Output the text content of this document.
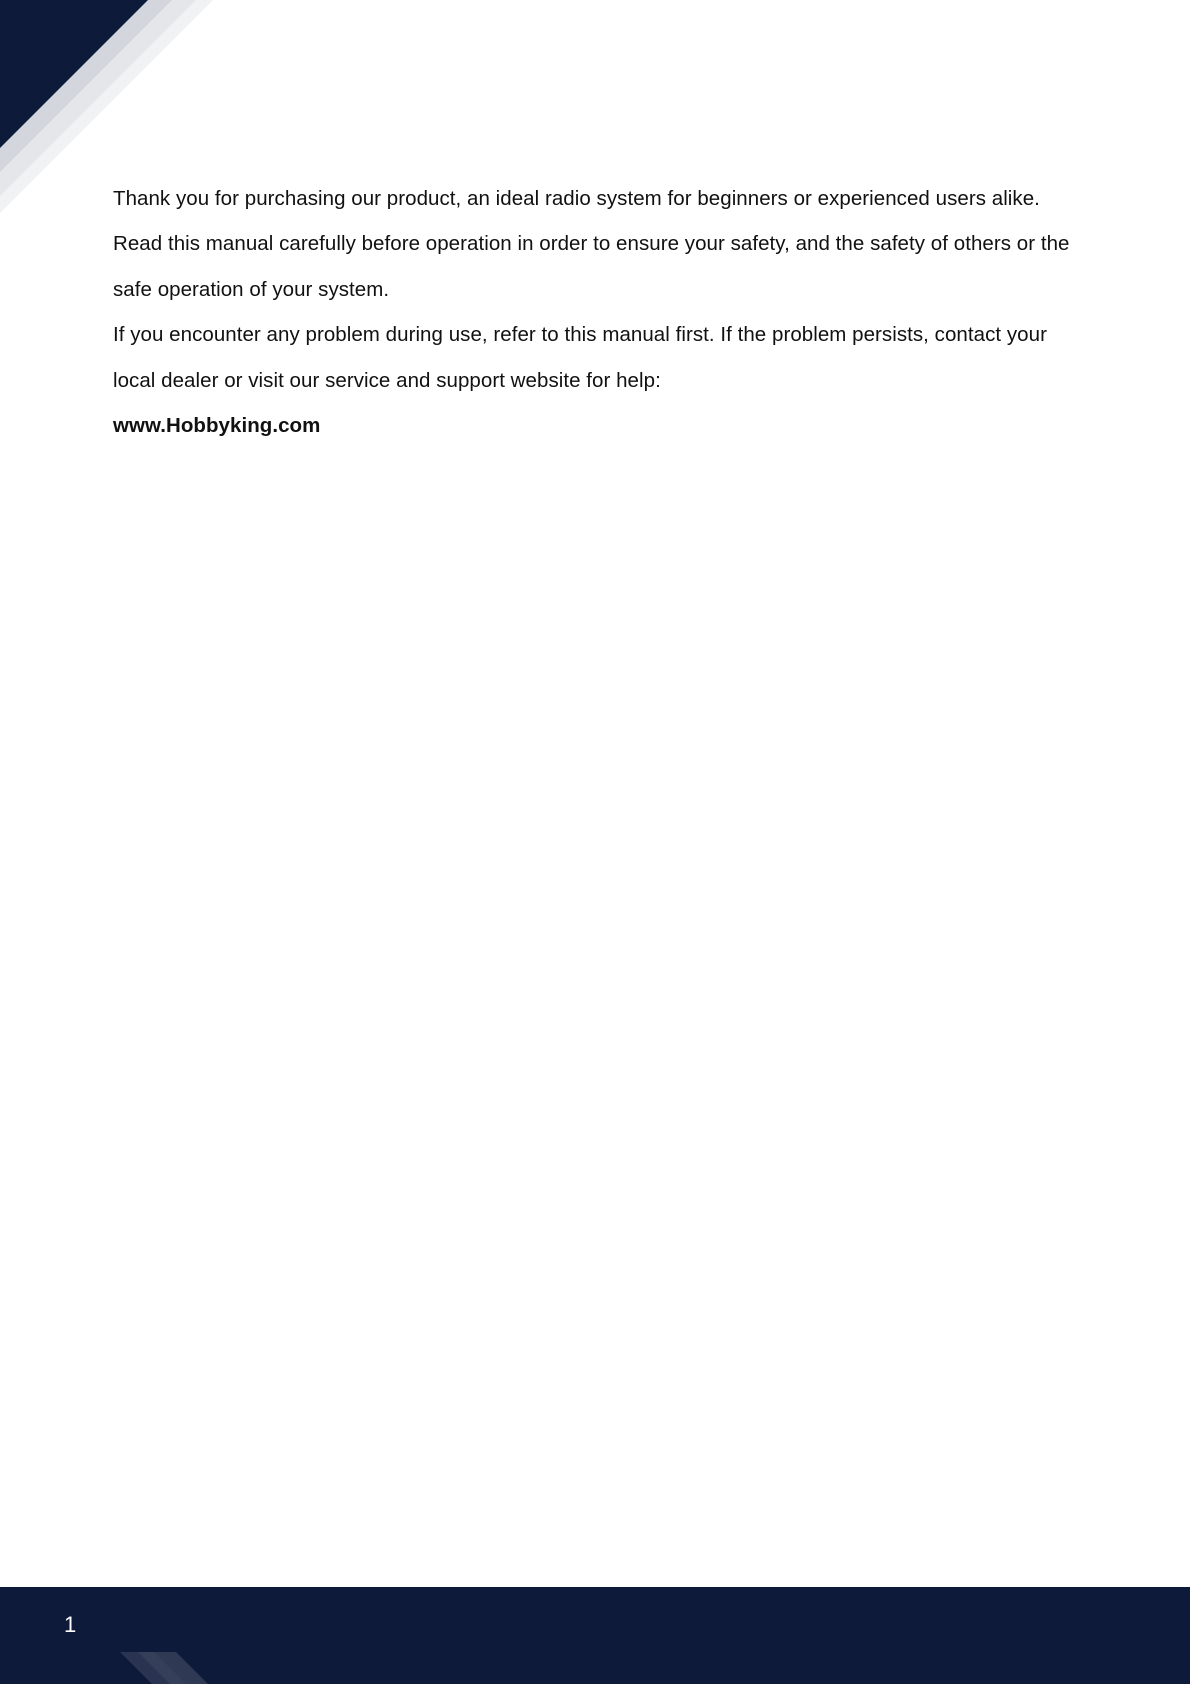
Thank you for purchasing our product, an ideal radio system for beginners or experienced users alike. Read this manual carefully before operation in order to ensure your safety, and the safety of others or the safe operation of your system.

If you encounter any problem during use, refer to this manual first. If the problem persists, contact your local dealer or visit our service and support website for help:

www.Hobbyking.com

1
